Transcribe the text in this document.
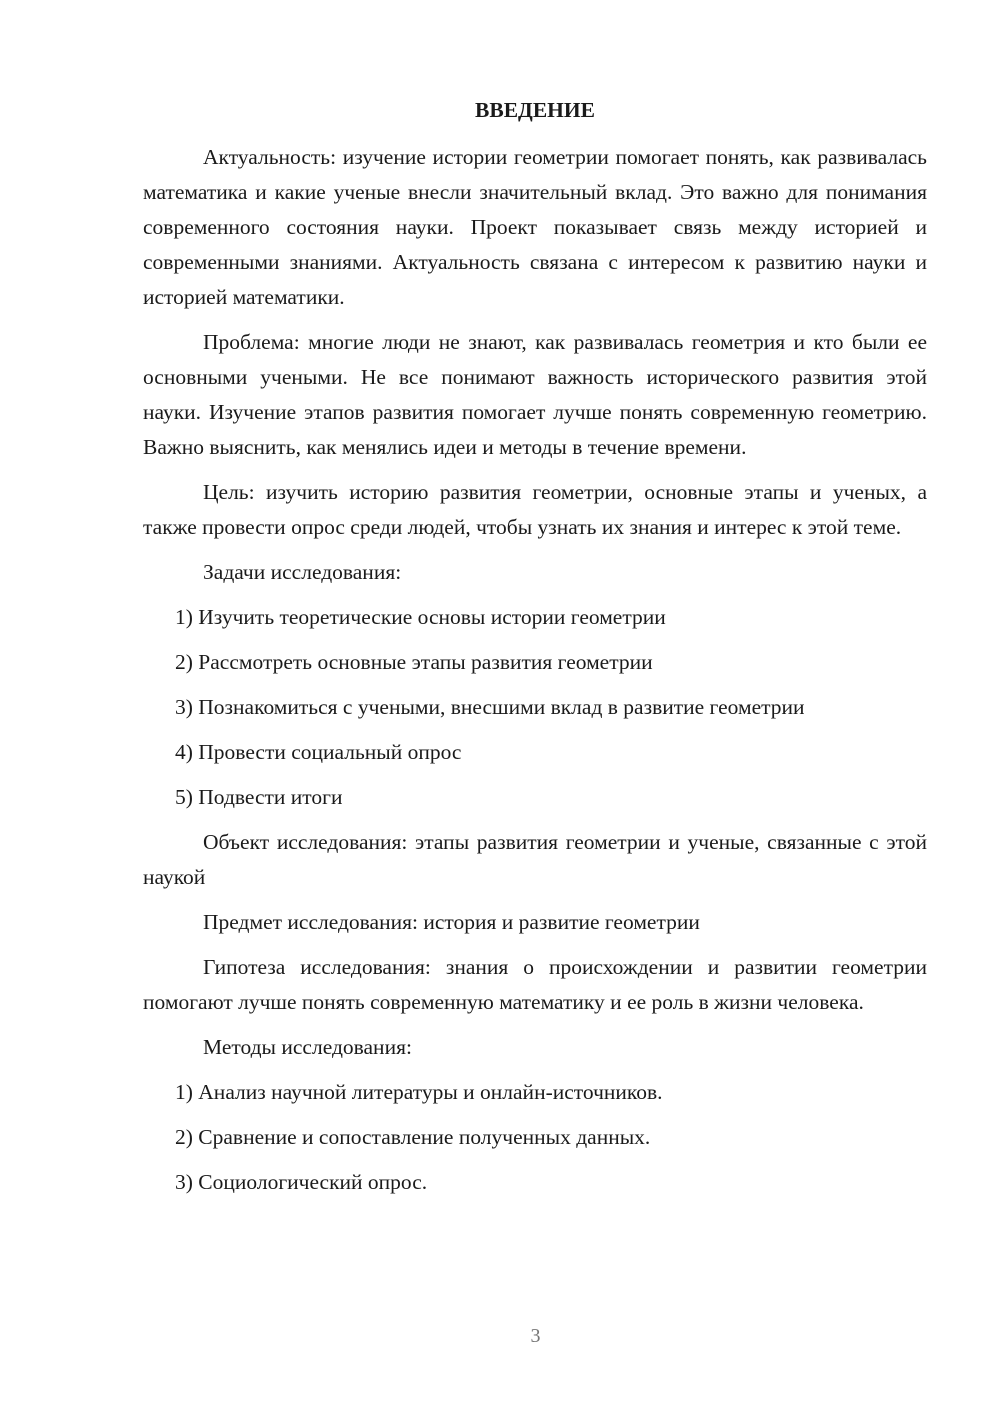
ВВЕДЕНИЕ

Актуальность: изучение истории геометрии помогает понять, как развивалась математика и какие ученые внесли значительный вклад. Это важно для понимания современного состояния науки. Проект показывает связь между историей и современными знаниями. Актуальность связана с интересом к развитию науки и историей математики.

Проблема: многие люди не знают, как развивалась геометрия и кто были ее основными учеными. Не все понимают важность исторического развития этой науки. Изучение этапов развития помогает лучше понять современную геометрию. Важно выяснить, как менялись идеи и методы в течение времени.

Цель: изучить историю развития геометрии, основные этапы и ученых, а также провести опрос среди людей, чтобы узнать их знания и интерес к этой теме.

Задачи исследования:

1) Изучить теоретические основы истории геометрии
2) Рассмотреть основные этапы развития геометрии
3) Познакомиться с учеными, внесшими вклад в развитие геометрии
4) Провести социальный опрос
5) Подвести итоги

Объект исследования: этапы развития геометрии и ученые, связанные с этой наукой

Предмет исследования: история и развитие геометрии

Гипотеза исследования: знания о происхождении и развитии геометрии помогают лучше понять современную математику и ее роль в жизни человека.

Методы исследования:

1) Анализ научной литературы и онлайн-источников.
2) Сравнение и сопоставление полученных данных.
3) Социологический опрос.
3
